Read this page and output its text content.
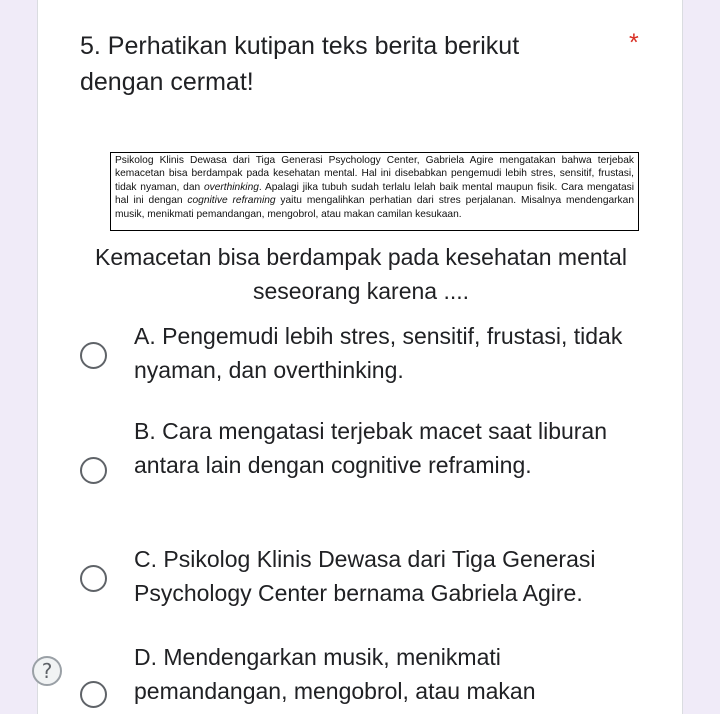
5. Perhatikan kutipan teks berita berikut dengan cermat!
*
Psikolog Klinis Dewasa dari Tiga Generasi Psychology Center, Gabriela Agire mengatakan bahwa terjebak kemacetan bisa berdampak pada kesehatan mental. Hal ini disebabkan pengemudi lebih stres, sensitif, frustasi, tidak nyaman, dan overthinking. Apalagi jika tubuh sudah terlalu lelah baik mental maupun fisik. Cara mengatasi hal ini dengan cognitive reframing yaitu mengalihkan perhatian dari stres perjalanan. Misalnya mendengarkan musik, menikmati pemandangan, mengobrol, atau makan camilan kesukaan.
Kemacetan bisa berdampak pada kesehatan mental seseorang karena ....
A. Pengemudi lebih stres, sensitif, frustasi, tidak nyaman, dan overthinking.
B. Cara mengatasi terjebak macet saat liburan antara lain dengan cognitive reframing.
C. Psikolog Klinis Dewasa dari Tiga Generasi Psychology Center bernama Gabriela Agire.
D. Mendengarkan musik, menikmati pemandangan, mengobrol, atau makan
?
